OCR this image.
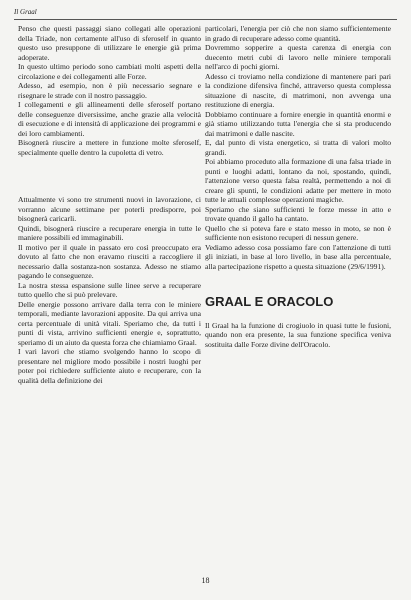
Il Graal

Penso che questi passaggi siano collegati alle operazioni della Triade, non certamente all'uso di sferoself in quanto questo uso presuppone di utilizzare le energie già prima adoperate.

In questo ultimo periodo sono cambiati molti aspetti della circolazione e dei collegamenti alle Forze.

Adesso, ad esempio, non è più necessario segnare e risegnare le strade con il nostro passaggio.

I collegamenti e gli allineamenti delle sferoself portano delle conseguenze diversissime, anche grazie alla velocità di esecuzione e di intensità di applicazione dei programmi e dei loro cambiamenti.

Bisognerà riuscire a mettere in funzione molte sferoself, specialmente quelle dentro la cupoletta di vetro.

Attualmente vi sono tre strumenti nuovi in lavorazione, ci vorranno alcune settimane per poterli predisporre, poi bisognerà caricarli.

Quindi, bisognerà riuscire a recuperare energia in tutte le maniere possibili ed immaginabili.

Il motivo per il quale in passato ero così preoccupato era dovuto al fatto che non eravamo riusciti a raccogliere il necessario dalla sostanza-non sostanza. Adesso ne stiamo pagando le conseguenze.

La nostra stessa espansione sulle linee serve a recuperare tutto quello che si può prelevare.

Delle energie possono arrivare dalla terra con le miniere temporali, mediante lavorazioni apposite. Da qui arriva una certa percentuale di unità vitali. Speriamo che, da tutti i punti di vista, arrivino sufficienti energie e, soprattutto, speriamo di un aiuto da questa forza che chiamiamo Graal.

I vari lavori che stiamo svolgendo hanno lo scopo di presentare nel migliore modo possibile i nostri luoghi per poter poi richiedere sufficiente aiuto e recuperare, con la qualità della definizione dei

particolari, l'energia per ciò che non siamo sufficientemente in grado di recuperare adesso come quantità.

Dovremmo sopperire a questa carenza di energia con duecento metri cubi di lavoro nelle miniere temporali nell'arco di pochi giorni.

Adesso ci troviamo nella condizione di mantenere pari pari la condizione difensiva finché, attraverso questa complessa situazione di nascite, di matrimoni, non avvenga una restituzione di energia.

Dobbiamo continuare a fornire energie in quantità enormi e già stiamo utilizzando tutta l'energia che si sta producendo dai matrimoni e dalle nascite.

E, dal punto di vista energetico, si tratta di valori molto grandi.

Poi abbiamo proceduto alla formazione di una falsa triade in punti e luoghi adatti, lontano da noi, spostando, quindi, l'attenzione verso questa falsa realtà, permettendo a noi di creare gli spunti, le condizioni adatte per mettere in moto tutte le attuali complesse operazioni magiche.

Speriamo che siano sufficienti le forze messe in atto e trovate quando il gallo ha cantato.

Quello che si poteva fare e stato messo in moto, se non è sufficiente non esistono recuperi di nessun genere.

Vediamo adesso cosa possiamo fare con l'attenzione di tutti gli iniziati, in base al loro livello, in base alla percentuale, alla partecipazione rispetto a questa situazione (29/6/1991).

GRAAL E ORACOLO

Il Graal ha la funzione di crogiuolo in quasi tutte le fusioni, quando non era presente, la sua funzione specifica veniva sostituita dalle Forze divine dell'Oracolo.

18
